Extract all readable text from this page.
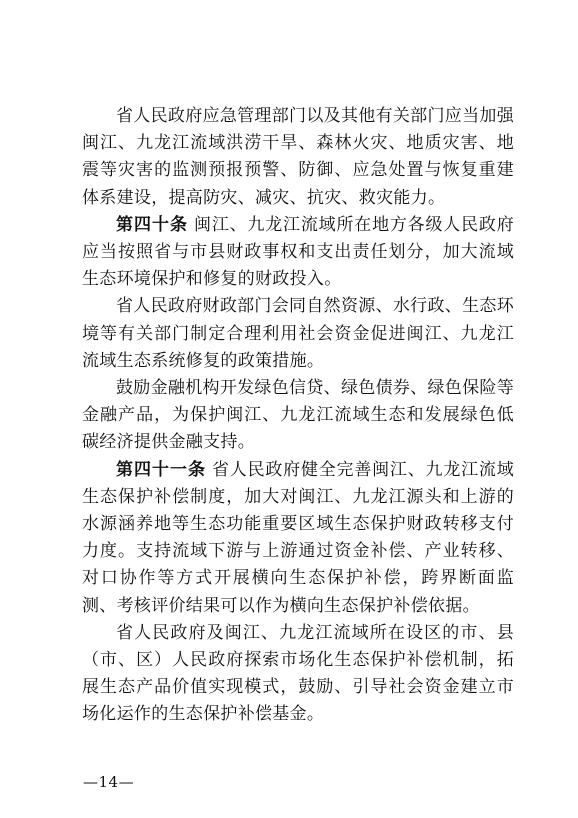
省人民政府应急管理部门以及其他有关部门应当加强闽江、九龙江流域洪涝干旱、森林火灾、地质灾害、地震等灾害的监测预报预警、防御、应急处置与恢复重建体系建设，提高防灾、减灾、抗灾、救灾能力。

第四十条 闽江、九龙江流域所在地方各级人民政府应当按照省与市县财政事权和支出责任划分，加大流域生态环境保护和修复的财政投入。

省人民政府财政部门会同自然资源、水行政、生态环境等有关部门制定合理利用社会资金促进闽江、九龙江流域生态系统修复的政策措施。

鼓励金融机构开发绿色信贷、绿色债券、绿色保险等金融产品，为保护闽江、九龙江流域生态和发展绿色低碳经济提供金融支持。

第四十一条 省人民政府健全完善闽江、九龙江流域生态保护补偿制度，加大对闽江、九龙江源头和上游的水源涵养地等生态功能重要区域生态保护财政转移支付力度。支持流域下游与上游通过资金补偿、产业转移、对口协作等方式开展横向生态保护补偿，跨界断面监测、考核评价结果可以作为横向生态保护补偿依据。

省人民政府及闽江、九龙江流域所在设区的市、县（市、区）人民政府探索市场化生态保护补偿机制，拓展生态产品价值实现模式，鼓励、引导社会资金建立市场化运作的生态保护补偿基金。

—14—
